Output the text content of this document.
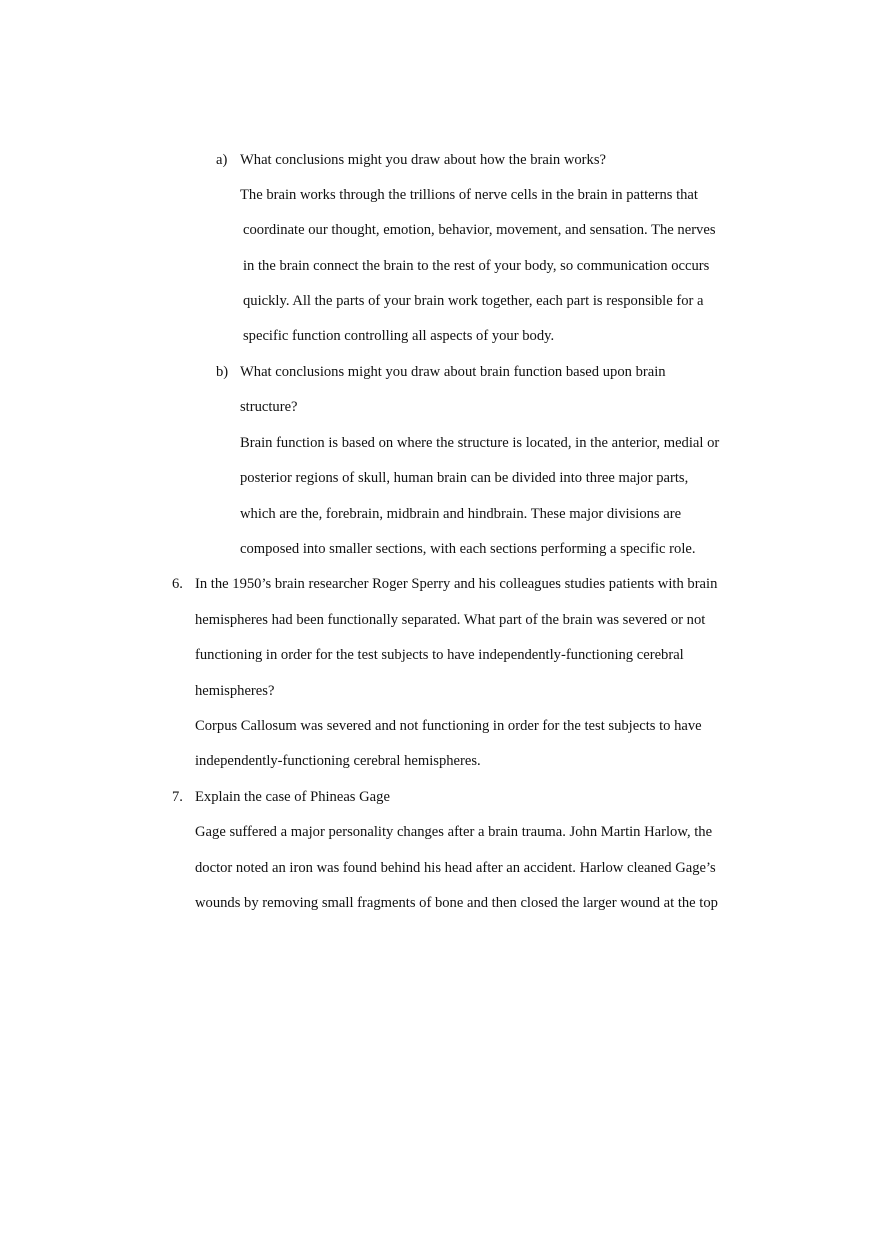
a) What conclusions might you draw about how the brain works?
The brain works through the trillions of nerve cells in the brain in patterns that
coordinate our thought, emotion, behavior, movement, and sensation. The nerves
in the brain connect the brain to the rest of your body, so communication occurs
quickly. All the parts of your brain work together, each part is responsible for a
specific function controlling all aspects of your body.
b) What conclusions might you draw about brain function based upon brain
structure?
Brain function is based on where the structure is located, in the anterior, medial or
posterior regions of skull, human brain can be divided into three major parts,
which are the, forebrain, midbrain and hindbrain. These major divisions are
composed into smaller sections, with each sections performing a specific role.
6. In the 1950’s brain researcher Roger Sperry and his colleagues studies patients with brain
hemispheres had been functionally separated. What part of the brain was severed or not
functioning in order for the test subjects to have independently-functioning cerebral
hemispheres?
Corpus Callosum was severed and not functioning in order for the test subjects to have
independently-functioning cerebral hemispheres.
7. Explain the case of Phineas Gage
Gage suffered a major personality changes after a brain trauma. John Martin Harlow, the
doctor noted an iron was found behind his head after an accident. Harlow cleaned Gage’s
wounds by removing small fragments of bone and then closed the larger wound at the top
